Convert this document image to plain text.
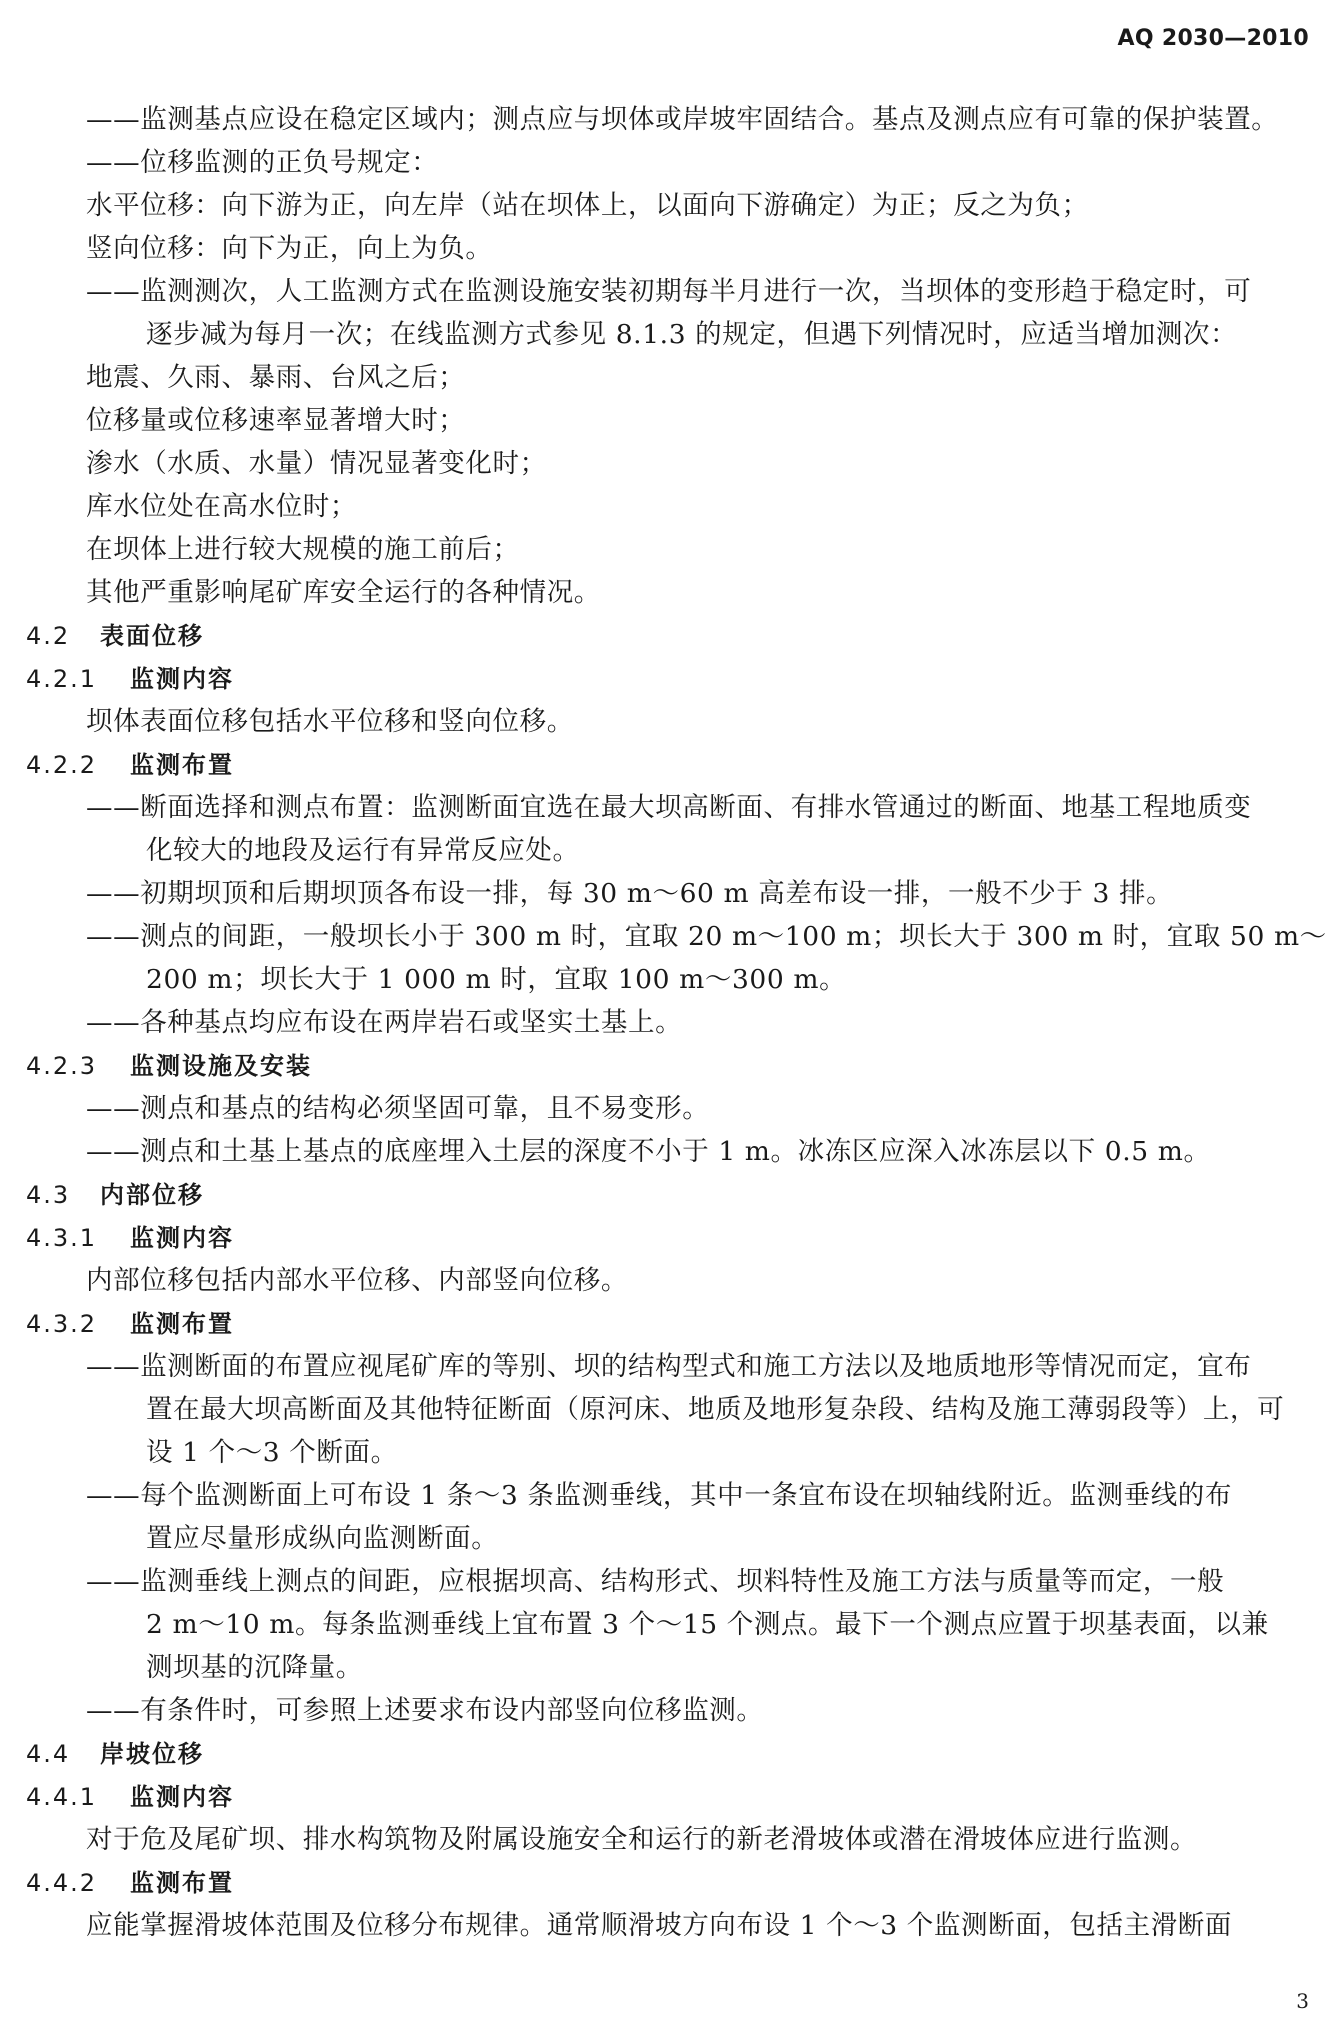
AQ 2030—2010
——监测基点应设在稳定区域内；测点应与坝体或岸坡牢固结合。基点及测点应有可靠的保护装置。
——位移监测的正负号规定：
水平位移：向下游为正，向左岸（站在坝体上，以面向下游确定）为正；反之为负；
竖向位移：向下为正，向上为负。
——监测测次，人工监测方式在监测设施安装初期每半月进行一次，当坝体的变形趋于稳定时，可
逐步减为每月一次；在线监测方式参见 8.1.3 的规定，但遇下列情况时，应适当增加测次：
地震、久雨、暴雨、台风之后；
位移量或位移速率显著增大时；
渗水（水质、水量）情况显著变化时；
库水位处在高水位时；
在坝体上进行较大规模的施工前后；
其他严重影响尾矿库安全运行的各种情况。
4.2 表面位移
4.2.1 监测内容
坝体表面位移包括水平位移和竖向位移。
4.2.2 监测布置
——断面选择和测点布置：监测断面宜选在最大坝高断面、有排水管通过的断面、地基工程地质变
化较大的地段及运行有异常反应处。
——初期坝顶和后期坝顶各布设一排，每 30 m～60 m 高差布设一排，一般不少于 3 排。
——测点的间距，一般坝长小于 300 m 时，宜取 20 m～100 m；坝长大于 300 m 时，宜取 50 m～
200 m；坝长大于 1 000 m 时，宜取 100 m～300 m。
——各种基点均应布设在两岸岩石或坚实土基上。
4.2.3 监测设施及安装
——测点和基点的结构必须坚固可靠，且不易变形。
——测点和土基上基点的底座埋入土层的深度不小于 1 m。冰冻区应深入冰冻层以下 0.5 m。
4.3 内部位移
4.3.1 监测内容
内部位移包括内部水平位移、内部竖向位移。
4.3.2 监测布置
——监测断面的布置应视尾矿库的等别、坝的结构型式和施工方法以及地质地形等情况而定，宜布
置在最大坝高断面及其他特征断面（原河床、地质及地形复杂段、结构及施工薄弱段等）上，可
设 1 个～3 个断面。
——每个监测断面上可布设 1 条～3 条监测垂线，其中一条宜布设在坝轴线附近。监测垂线的布
置应尽量形成纵向监测断面。
——监测垂线上测点的间距，应根据坝高、结构形式、坝料特性及施工方法与质量等而定，一般
2 m～10 m。每条监测垂线上宜布置 3 个～15 个测点。最下一个测点应置于坝基表面，以兼
测坝基的沉降量。
——有条件时，可参照上述要求布设内部竖向位移监测。
4.4 岸坡位移
4.4.1 监测内容
对于危及尾矿坝、排水构筑物及附属设施安全和运行的新老滑坡体或潜在滑坡体应进行监测。
4.4.2 监测布置
应能掌握滑坡体范围及位移分布规律。通常顺滑坡方向布设 1 个～3 个监测断面，包括主滑断面
3
